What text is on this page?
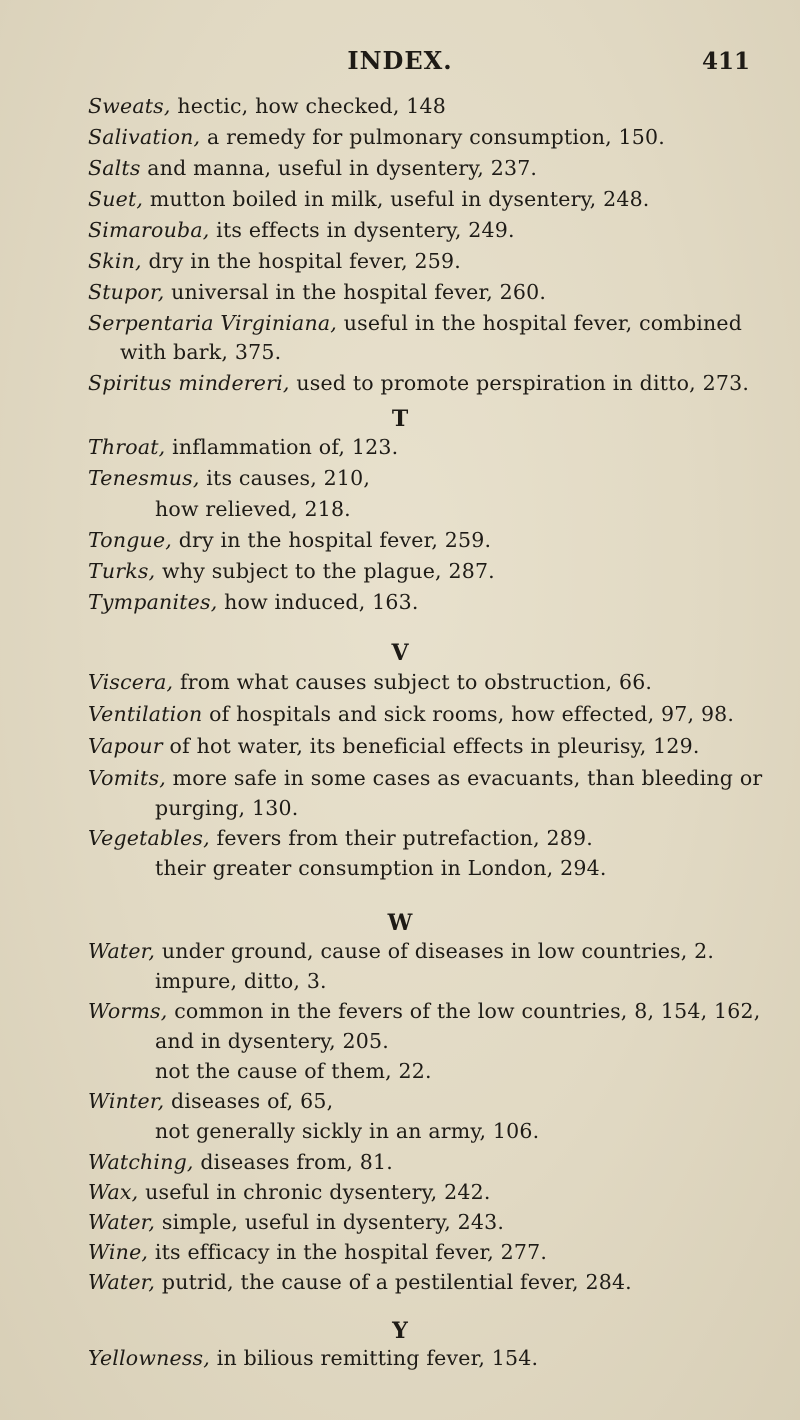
INDEX.	411
Sweats, hectic, how checked, 148
Salivation, a remedy for pulmonary consumption, 150.
Salts and manna, useful in dysentery, 237.
Suet, mutton boiled in milk, useful in dysentery, 248.
Simarouba, its effects in dysentery, 249.
Skin, dry in the hospital fever, 259.
Stupor, universal in the hospital fever, 260.
Serpentaria Virginiana, useful in the hospital fever, combined
with bark, 375.
Spiritus mindereri, used to promote perspiration in ditto, 273.
T
Throat, inflammation of, 123.
Tenesmus, its causes, 210,
how relieved, 218.
Tongue, dry in the hospital fever, 259.
Turks, why subject to the plague, 287.
Tympanites, how induced, 163.
V
Viscera, from what causes subject to obstruction, 66.
Ventilation of hospitals and sick rooms, how effected, 97, 98.
Vapour of hot water, its beneficial effects in pleurisy, 129.
Vomits, more safe in some cases as evacuants, than bleeding or
purging, 130.
Vegetables, fevers from their putrefaction, 289.
their greater consumption in London, 294.
W
Water, under ground, cause of diseases in low countries, 2.
impure, ditto, 3.
Worms, common in the fevers of the low countries, 8, 154, 162,
and in dysentery, 205.
not the cause of them, 22.
Winter, diseases of, 65,
not generally sickly in an army, 106.
Watching, diseases from, 81.
Wax, useful in chronic dysentery, 242.
Water, simple, useful in dysentery, 243.
Wine, its efficacy in the hospital fever, 277.
Water, putrid, the cause of a pestilential fever, 284.
Y
Yellowness, in bilious remitting fever, 154.
